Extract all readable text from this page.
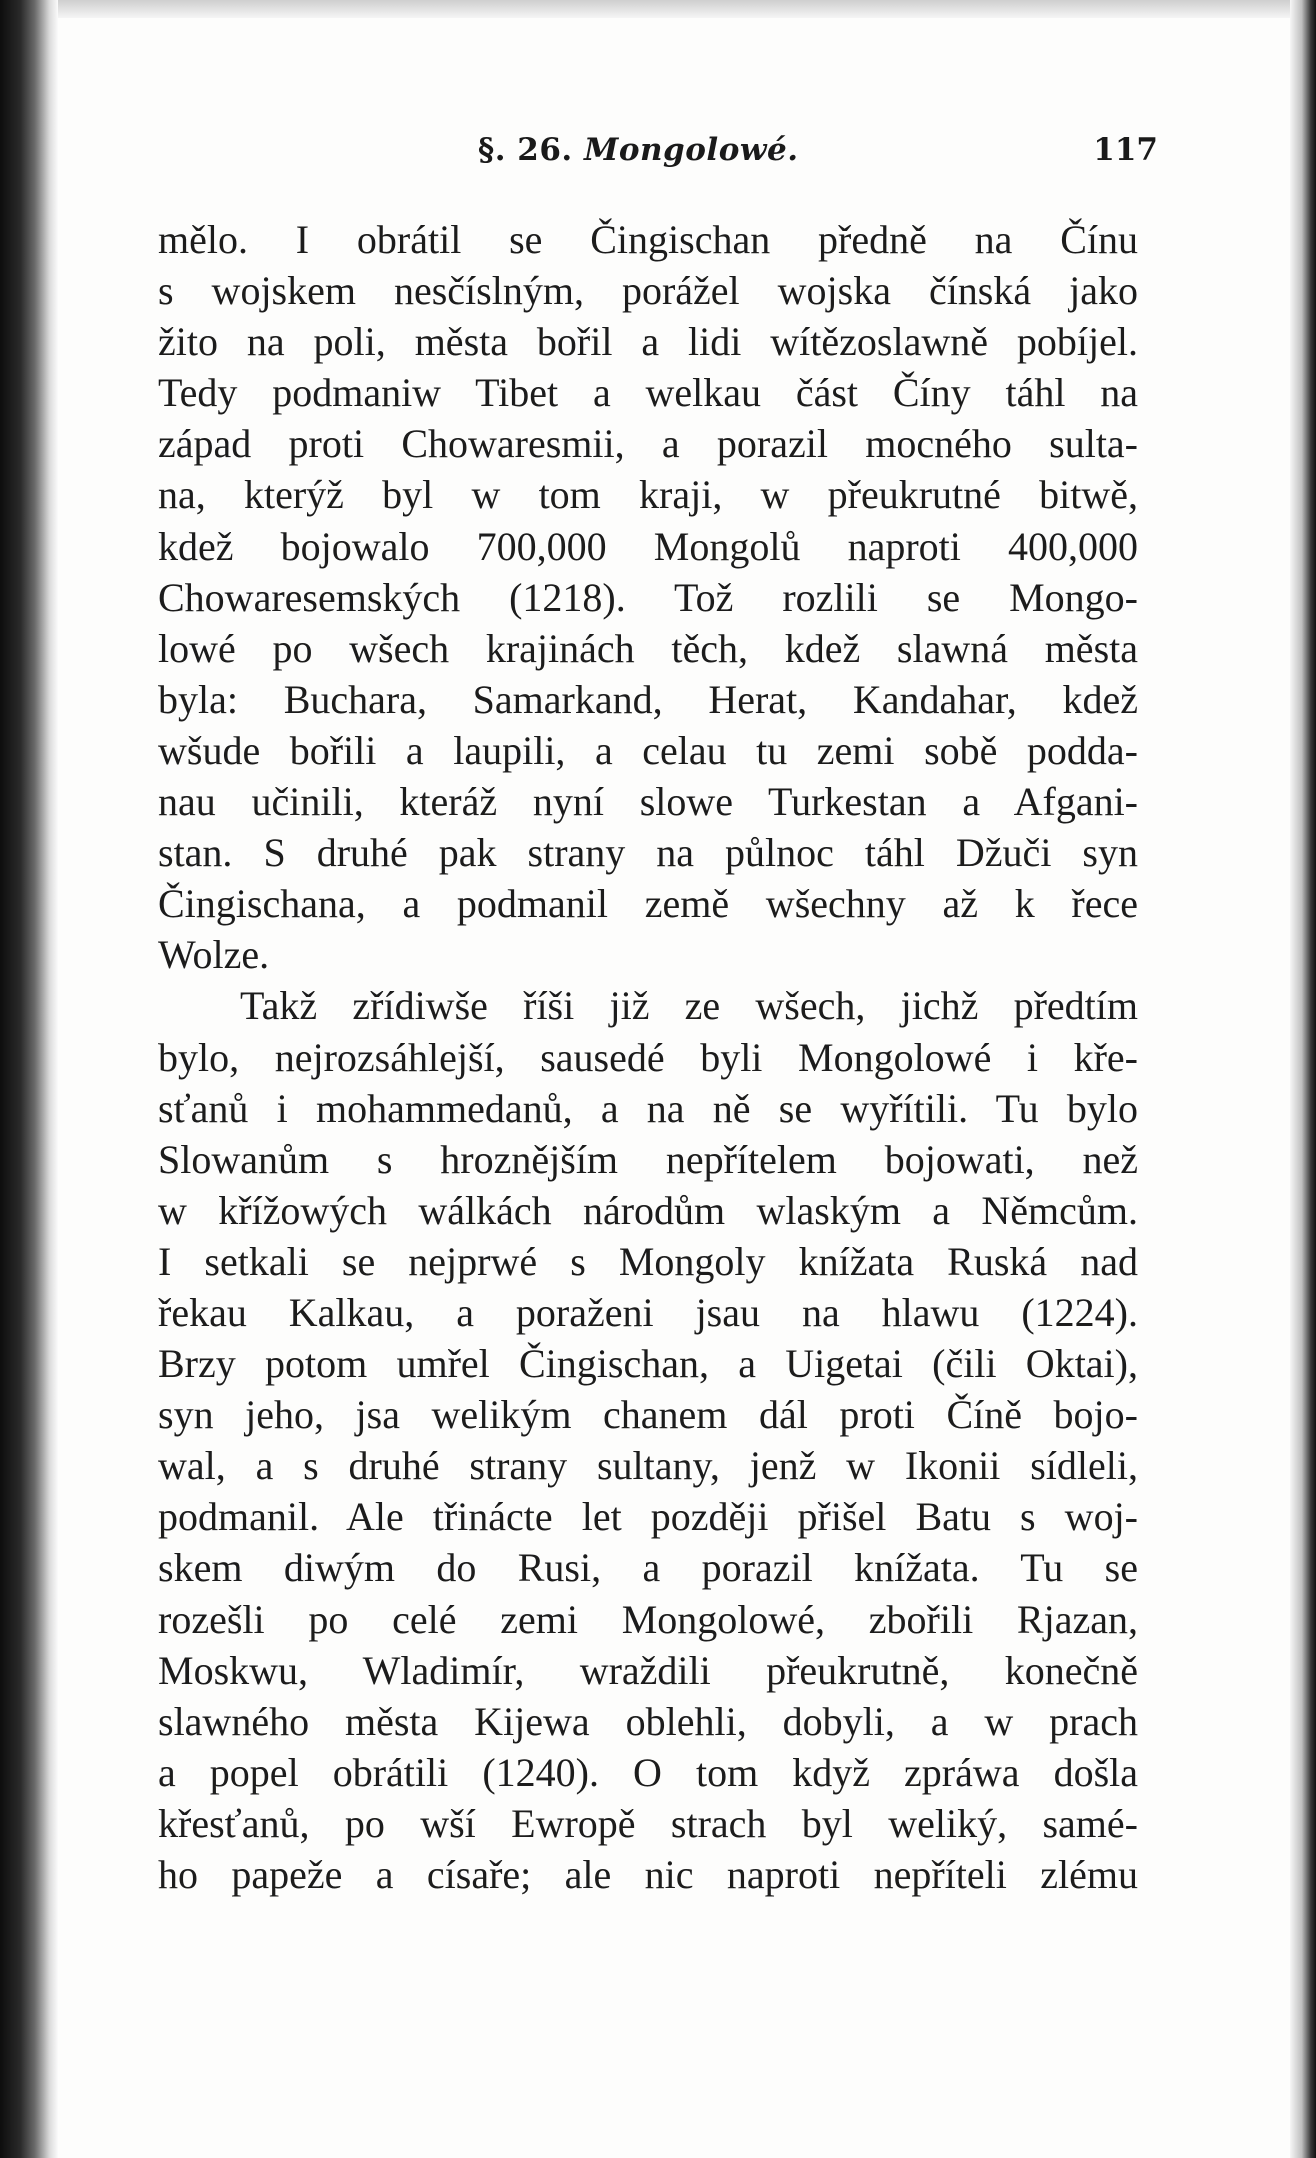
§. 26. Mongolowé.	117
mělo. I obrátil se Čingischan předně na Čínu
s wojskem nesčíslným, porážel wojska čínská jako
žito na poli, města bořil a lidi wítězoslawně pobíjel.
Tedy podmaniw Tibet a welkau část Číny táhl na
západ proti Chowaresmii, a porazil mocného sulta-
na, kterýž byl w tom kraji, w přeukrutné bitwě,
kdež bojowalo 700,000 Mongolů naproti 400,000
Chowaresemských (1218). Tož rozlili se Mongo-
lowé po wšech krajinách těch, kdež slawná města
byla: Buchara, Samarkand, Herat, Kandahar, kdež
wšude bořili a laupili, a celau tu zemi sobě podda-
nau učinili, kteráž nyní slowe Turkestan a Afgani-
stan. S druhé pak strany na půlnoc táhl Džuči syn
Čingischana, a podmanil země wšechny až k řece
Wolze.
Takž zřídiwše říši již ze wšech, jichž předtím
bylo, nejrozsáhlejší, sausedé byli Mongolowé i kře-
sťanů i mohammedanů, a na ně se wyřítili. Tu bylo
Slowanům s hroznějším nepřítelem bojowati, než
w křížowých wálkách národům wlaským a Němcům.
I setkali se nejprwé s Mongoly knížata Ruská nad
řekau Kalkau, a poraženi jsau na hlawu (1224).
Brzy potom umřel Čingischan, a Uigetai (čili Oktai),
syn jeho, jsa welikým chanem dál proti Číně bojo-
wal, a s druhé strany sultany, jenž w Ikonii sídleli,
podmanil. Ale třinácte let později přišel Batu s woj-
skem diwým do Rusi, a porazil knížata. Tu se
rozešli po celé zemi Mongolowé, zbořili Rjazan,
Moskwu, Wladimír, wraždili přeukrutně, konečně
slawného města Kijewa oblehli, dobyli, a w prach
a popel obrátili (1240). O tom když zpráwa došla
křesťanů, po wší Ewropě strach byl weliký, samé-
ho papeže a císaře; ale nic naproti nepříteli zlému
